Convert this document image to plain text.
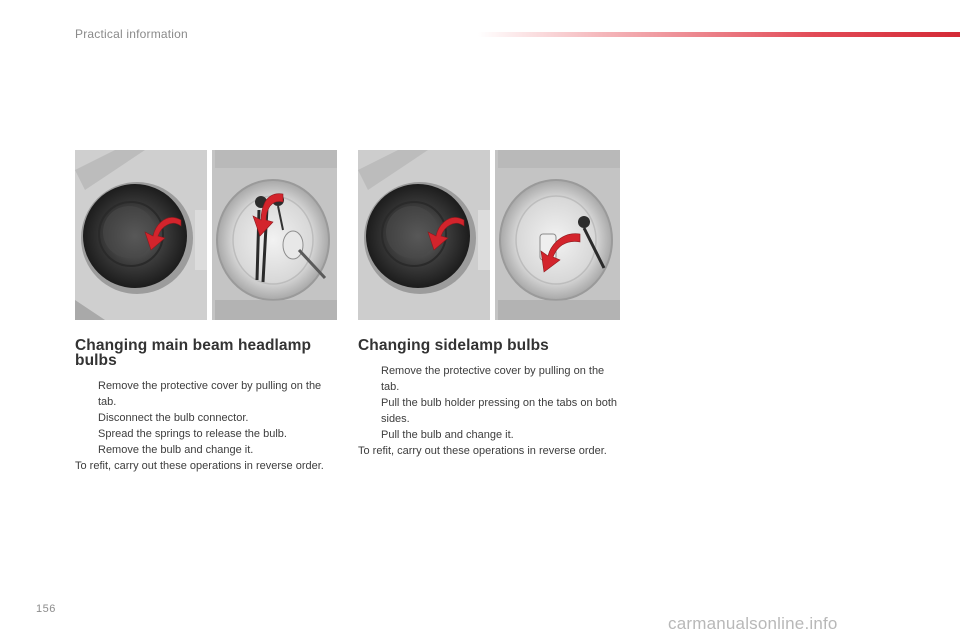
Practical information
Changing main beam headlamp bulbs
Remove the protective cover by pulling on the tab.
Disconnect the bulb connector.
Spread the springs to release the bulb.
Remove the bulb and change it.
To refit, carry out these operations in reverse order.
Changing sidelamp bulbs
Remove the protective cover by pulling on the tab.
Pull the bulb holder pressing on the tabs on both sides.
Pull the bulb and change it.
To refit, carry out these operations in reverse order.
156
carmanualsonline.info
